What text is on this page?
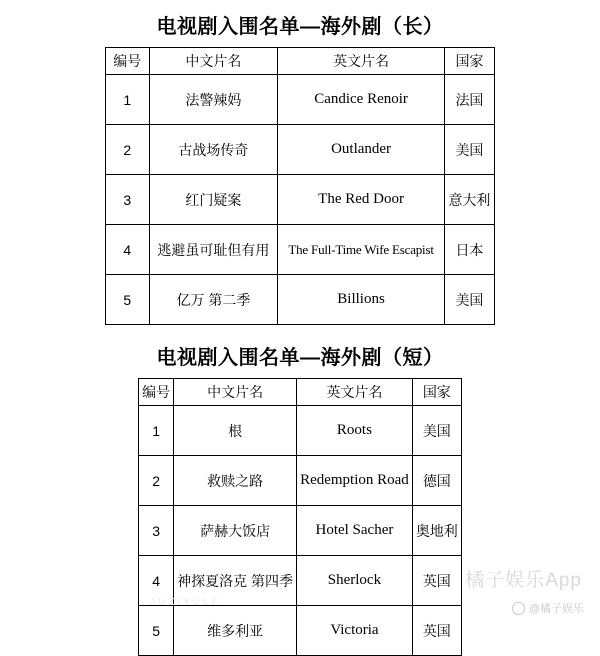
电视剧入围名单—海外剧（长）
编号	中文片名	英文片名	国家
1	法警辣妈	Candice Renoir	法国
2	古战场传奇	Outlander	美国
3	红门疑案	The Red Door	意大利
4	逃避虽可耻但有用	The Full-Time Wife Escapist	日本
5	亿万 第二季	Billions	美国
电视剧入围名单—海外剧（短）
编号	中文片名	英文片名	国家
1	根	Roots	美国
2	救赎之路	Redemption Road	德国
3	萨赫大饭店	Hotel Sacher	奥地利
4	神探夏洛克 第四季	Sherlock	英国
5	维多利亚	Victoria	英国
JUZIYULE
橘子娱乐App
@橘子娱乐
